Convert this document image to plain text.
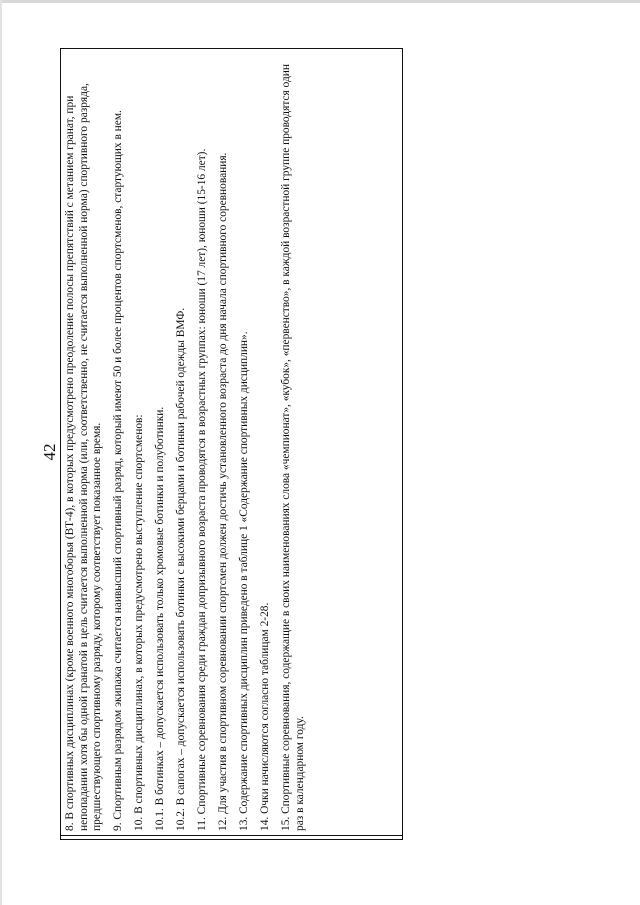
42 8. В спортивных дисциплинах (кроме военного многоборья (ВТ-4), в которых предусмотрено преодоление полосы препятствий с метанием гранат, при непопадании хотя бы одной гранатой в цель считается выполненной норма (или, соответственно, не считается выполненной норма) спортивного разряда, предшествующего спортивному разряду, которому соответствует показанное время. 9. Спортивным разрядом экипажа считается наивысший спортивный разряд, который имеют 50 и более процентов спортсменов, стартующих в нем. 10. В спортивных дисциплинах, в которых предусмотрено выступление спортсменов: 10.1. В ботинках – допускается использовать только хромовые ботинки и полуботинки. 10.2. В сапогах – допускается использовать ботинки с высокими берцами и ботинки рабочей одежды ВМФ. 11. Спортивные соревнования среди граждан допризывного возраста проводятся в возрастных группах: юноши (17 лет), юноши (15-16 лет). 12. Для участия в спортивном соревновании спортсмен должен достичь установленного возраста до дня начала спортивного соревнования. 13. Содержание спортивных дисциплин приведено в таблице 1 «Содержание спортивных дисциплин». 14. Очки начисляются согласно таблицам 2-28. 15. Спортивные соревнования, содержащие в своих наименованиях слова «чемпионат», «кубок», «первенство», в каждой возрастной группе проводятся один раз в календарном году.
